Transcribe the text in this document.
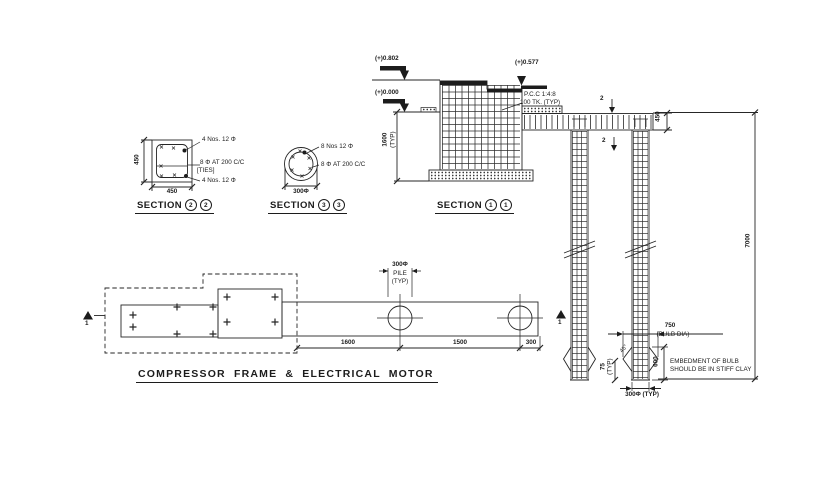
4 Nos. 12 Φ
8 Φ AT 200 C/C
[TIES]
4 Nos. 12 Φ
450
450
SECTION	2	2
8 Nos 12 Φ
8 Φ AT 200 C/C
300Φ
SECTION	3	3
(+)0.802
(+)0.000
(+)0.577
P.C.C 1:4:8
100 TK. (TYP)
1600 (TYP)
SECTION	1	1
2
2
450
7000
750
(BULB DIA)
45°
75 (TYP)	600 EMBEDMENT OF BULB
SHOULD BE IN STIFF CLAY
300Φ (TYP)
300Φ
PILE
(TYP)
1600	1500	300
1	1
COMPRESSOR FRAME & ELECTRICAL MOTOR
